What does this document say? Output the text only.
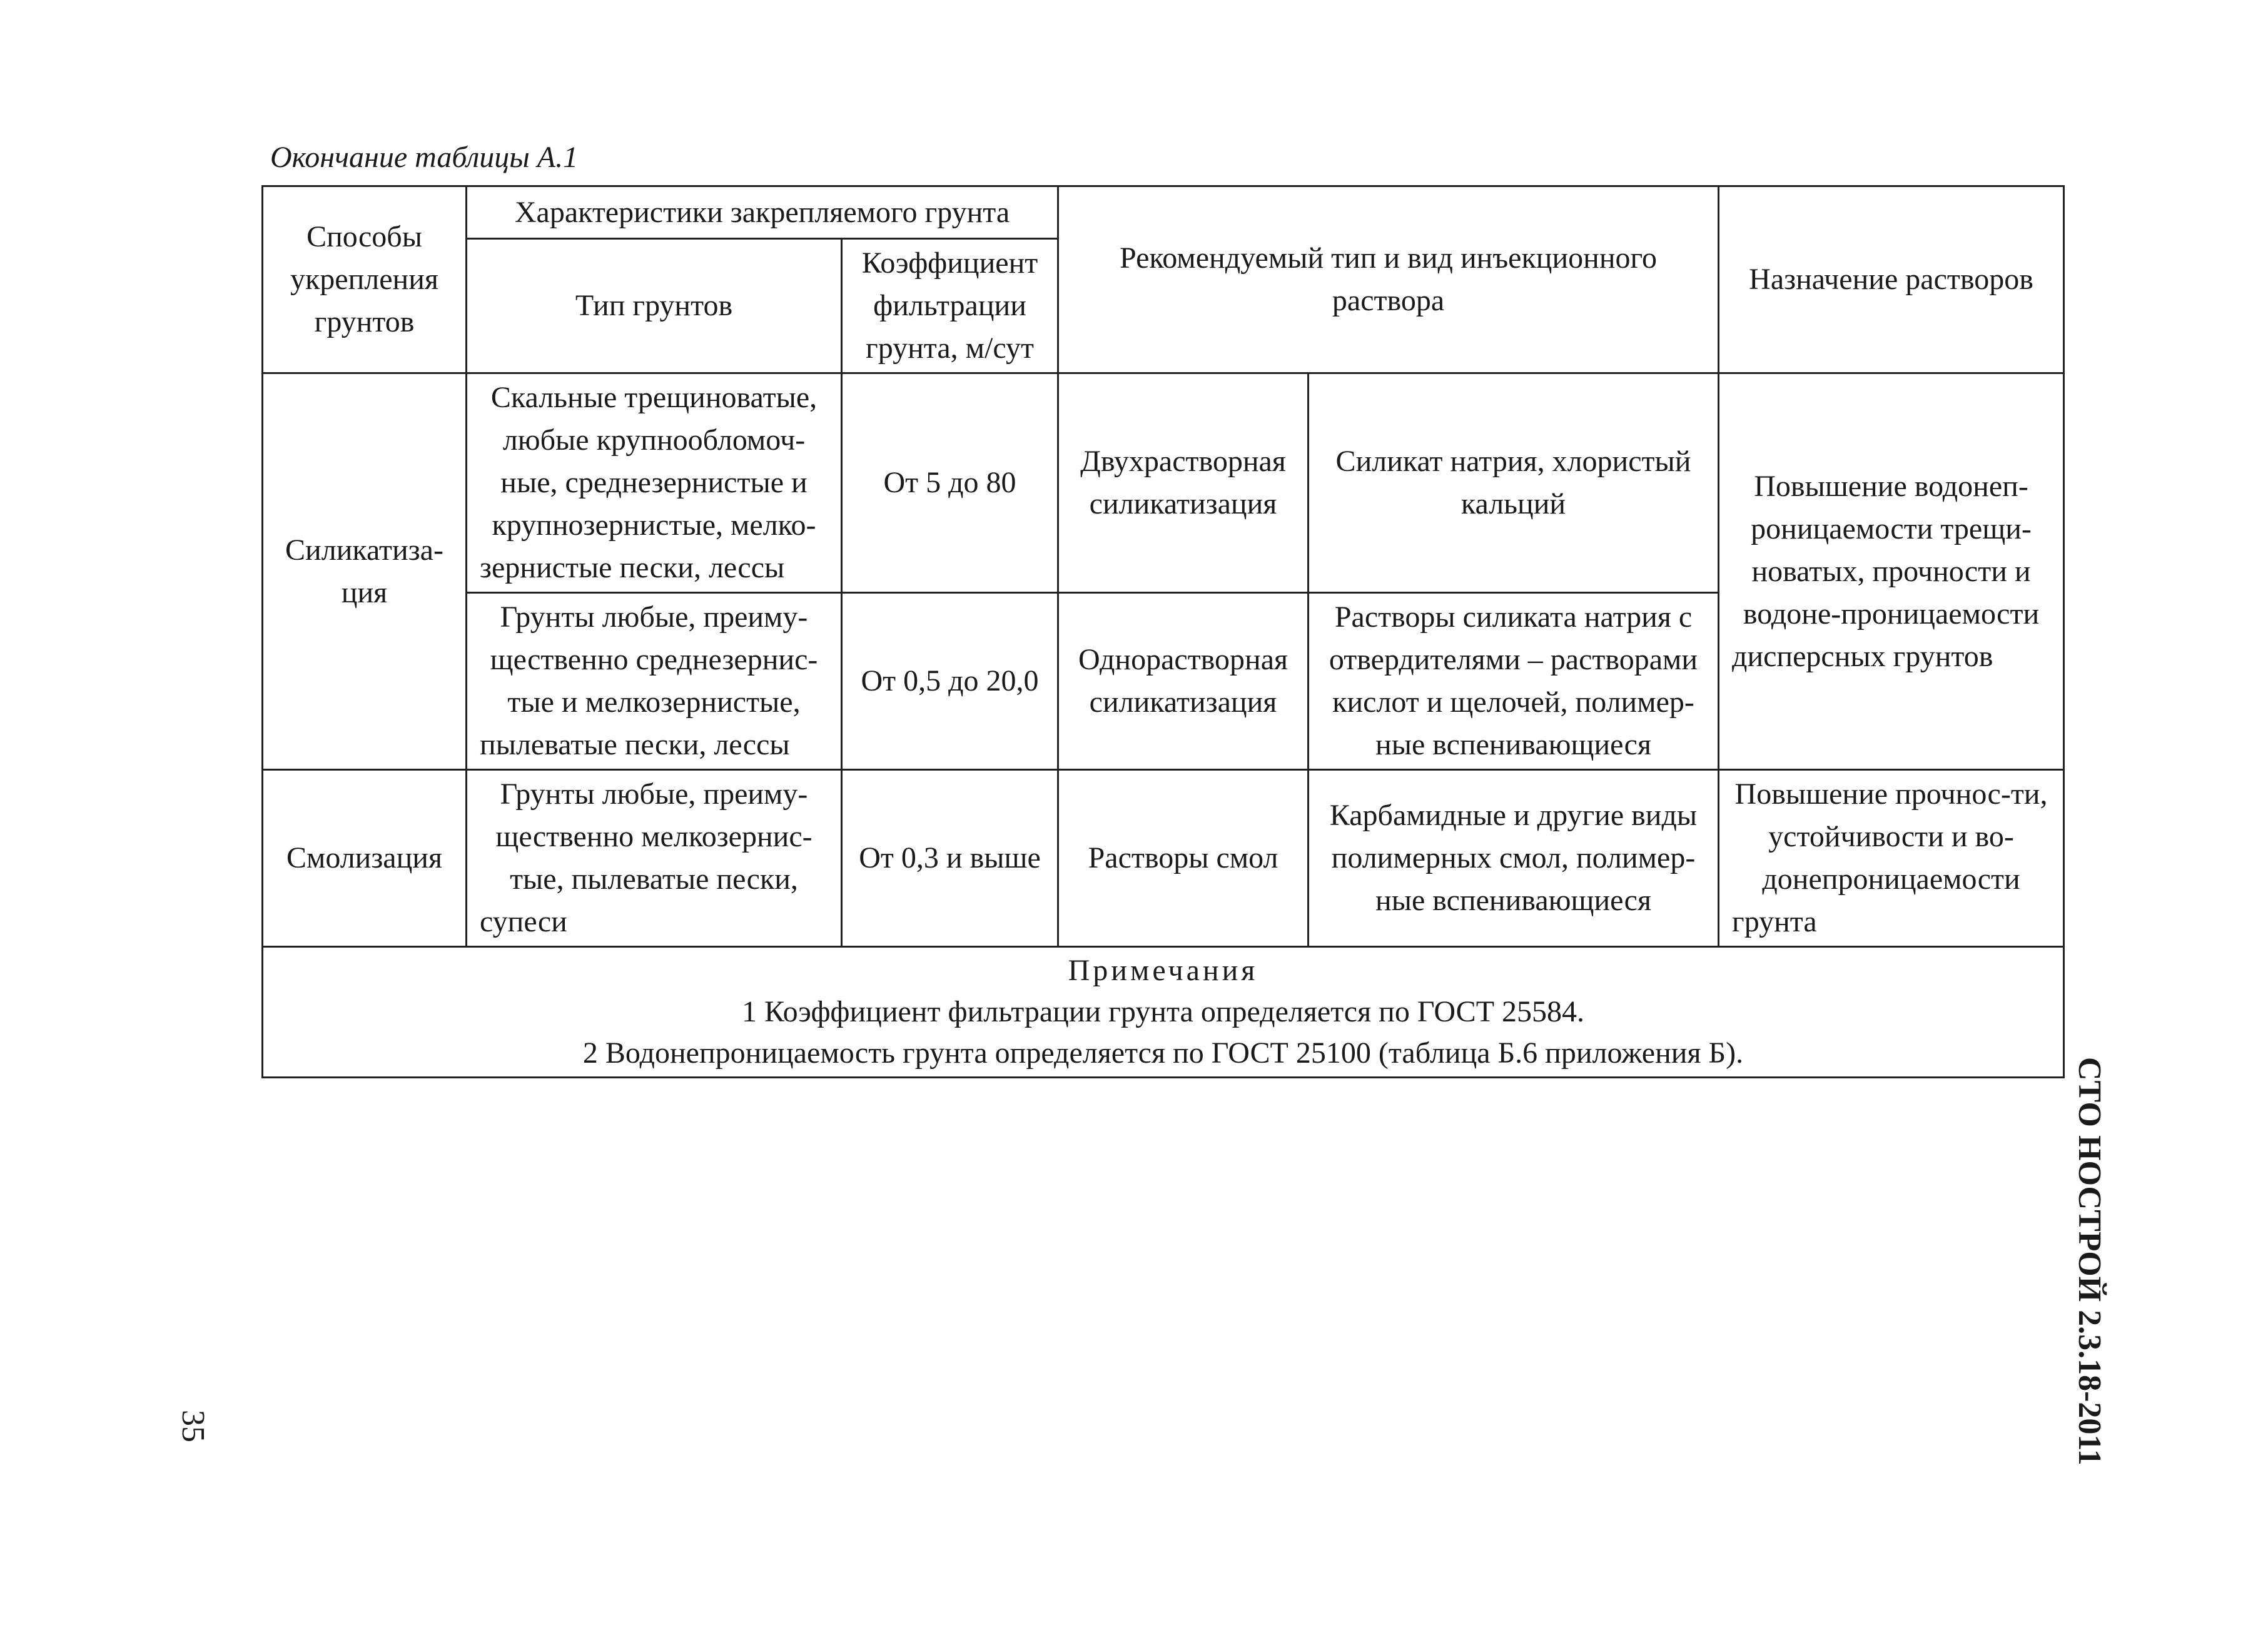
Окончание таблицы А.1
Способы укрепления грунтов	Характеристики закрепляемого грунта		Рекомендуемый тип и вид инъекционного раствора		Назначение растворов
	Тип грунтов	Коэффициент фильтрации грунта, м/сут			
Силикатиза-ция	Скальные трещиноватые, любые крупнообломоч-ные, среднезернистые и крупнозернистые, мелко-зернистые пески, лессы	От 5 до 80	Двухрастворная силикатизация	Силикат натрия, хлористый кальций	Повышение водонеп-роницаемости трещи-новатых, прочности и водоне-проницаемости дисперсных грунтов
	Грунты любые, преиму-щественно среднезернис-тые и мелкозернистые, пылеватые пески, лессы	От 0,5 до 20,0	Однорастворная силикатизация	Растворы силиката натрия с отвердителями – растворами кислот и щелочей, полимер-ные вспенивающиеся	
Смолизация	Грунты любые, преиму-щественно мелкозернис-тые, пылеватые пески, супеси	От 0,3 и выше	Растворы смол	Карбамидные и другие виды полимерных смол, полимер-ные вспенивающиеся	Повышение прочнос-ти, устойчивости и во-донепроницаемости грунта

Примечания
1 Коэффициент фильтрации грунта определяется по ГОСТ 25584.
2 Водонепроницаемость грунта определяется по ГОСТ 25100 (таблица Б.6 приложения Б).					
СТО НОСТРОЙ 2.3.18-2011
35
